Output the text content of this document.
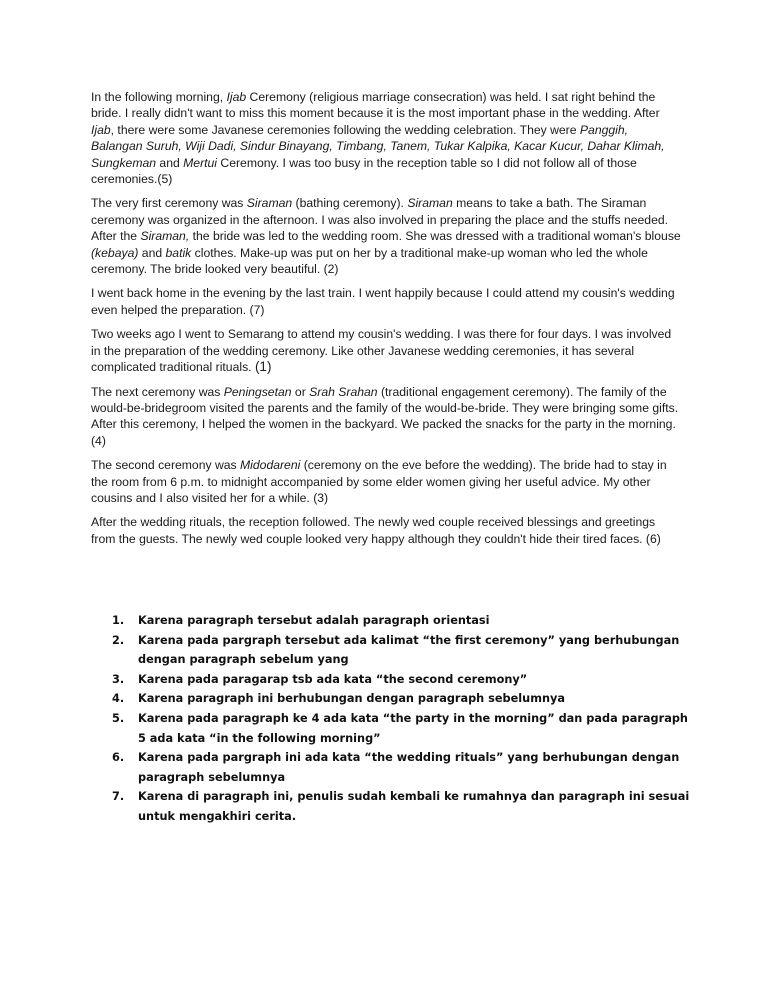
In the following morning, Ijab Ceremony (religious marriage consecration) was held. I sat right behind the bride. I really didn't want to miss this moment because it is the most important phase in the wedding. After Ijab, there were some Javanese ceremonies following the wedding celebration. They were Panggih, Balangan Suruh, Wiji Dadi, Sindur Binayang, Timbang, Tanem, Tukar Kalpika, Kacar Kucur, Dahar Klimah, Sungkeman and Mertui Ceremony. I was too busy in the reception table so I did not follow all of those ceremonies.(5)

The very first ceremony was Siraman (bathing ceremony). Siraman means to take a bath. The Siraman ceremony was organized in the afternoon. I was also involved in preparing the place and the stuffs needed. After the Siraman, the bride was led to the wedding room. She was dressed with a traditional woman's blouse (kebaya) and batik clothes. Make-up was put on her by a traditional make-up woman who led the whole ceremony. The bride looked very beautiful. (2)

I went back home in the evening by the last train. I went happily because I could attend my cousin's wedding even helped the preparation. (7)

Two weeks ago I went to Semarang to attend my cousin's wedding. I was there for four days. I was involved in the preparation of the wedding ceremony. Like other Javanese wedding ceremonies, it has several complicated traditional rituals. (1)

The next ceremony was Peningsetan or Srah Srahan (traditional engagement ceremony). The family of the would-be-bridegroom visited the parents and the family of the would-be-bride. They were bringing some gifts. After this ceremony, I helped the women in the backyard. We packed the snacks for the party in the morning. (4)

The second ceremony was Midodareni (ceremony on the eve before the wedding). The bride had to stay in the room from 6 p.m. to midnight accompanied by some elder women giving her useful advice. My other cousins and I also visited her for a while. (3)

After the wedding rituals, the reception followed. The newly wed couple received blessings and greetings from the guests. The newly wed couple looked very happy although they couldn't hide their tired faces. (6)

1. Karena paragraph tersebut adalah paragraph orientasi
2. Karena pada pargraph tersebut ada kalimat “the first ceremony” yang berhubungan dengan paragraph sebelum yang
3. Karena pada paragarap tsb ada kata “the second ceremony”
4. Karena paragraph ini berhubungan dengan paragraph sebelumnya
5. Karena pada paragraph ke 4 ada kata “the party in the morning” dan pada paragraph 5 ada kata “in the following morning”
6. Karena pada pargraph ini ada kata “the wedding rituals” yang berhubungan dengan paragraph sebelumnya
7. Karena di paragraph ini, penulis sudah kembali ke rumahnya dan paragraph ini sesuai untuk mengakhiri cerita.
